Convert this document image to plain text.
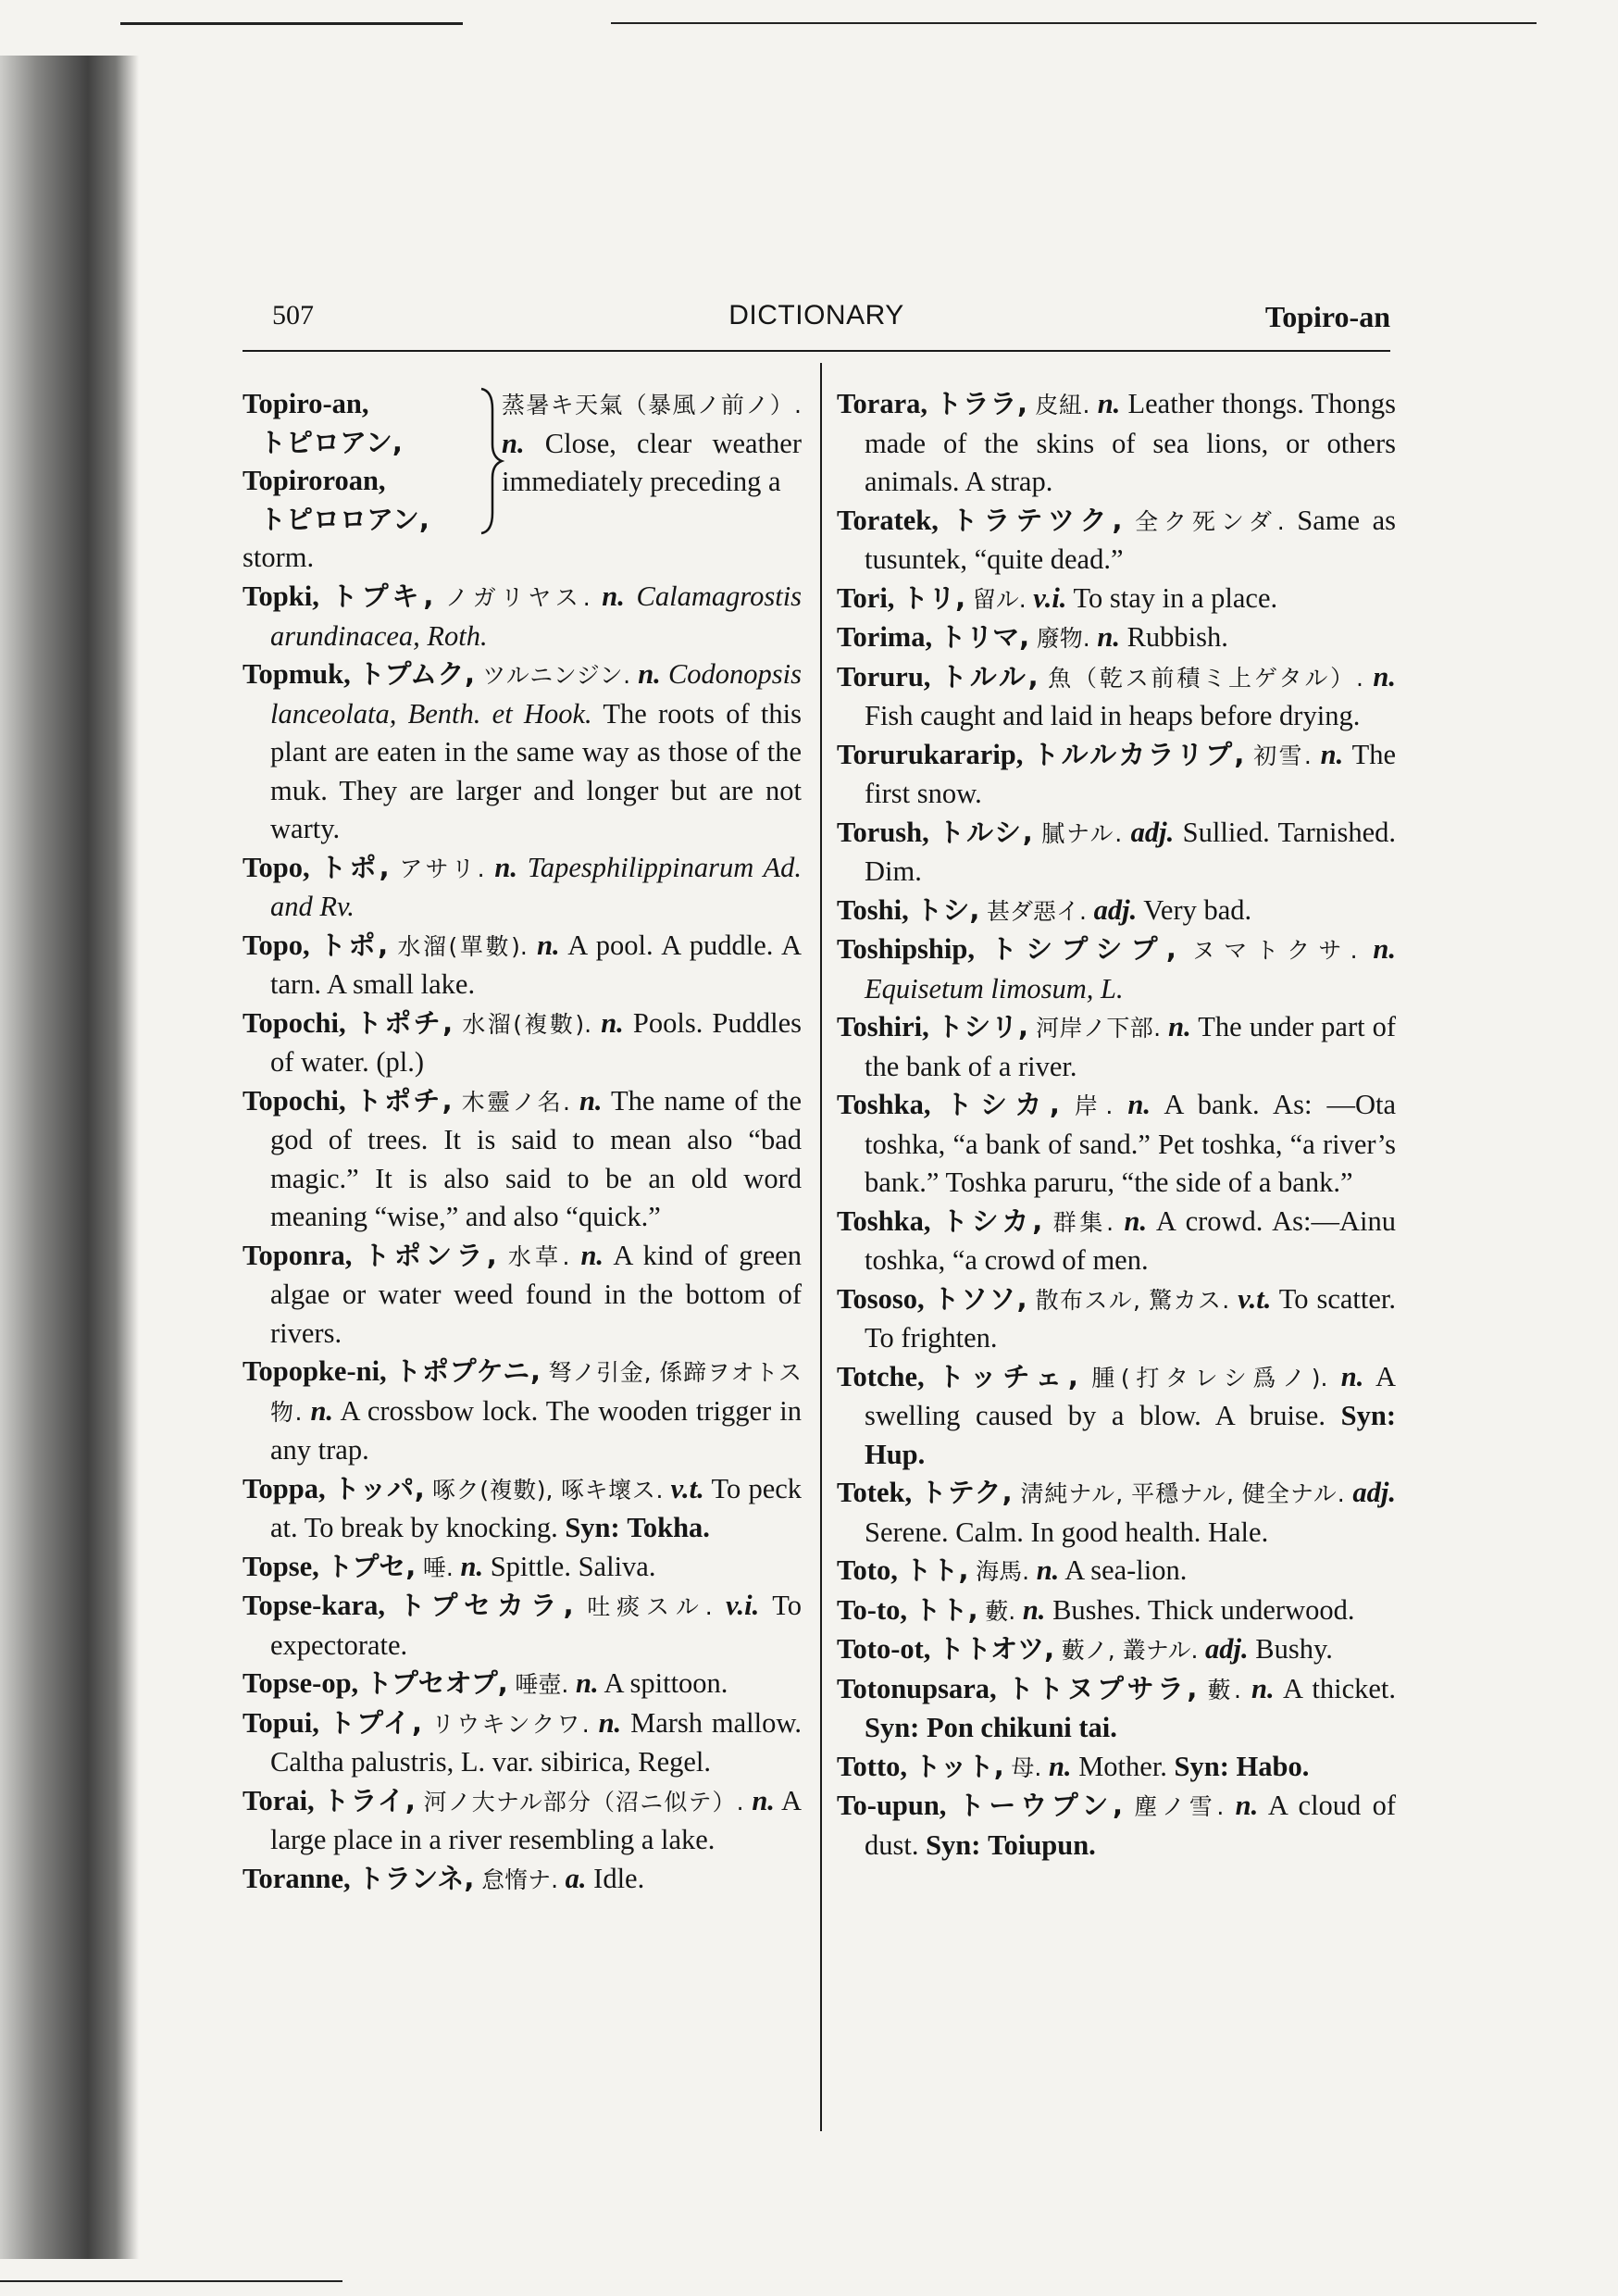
507	DICTIONARY	Topiro-an
Topiro-an,
トピロアン,
Topiroroan,
トピロロアン,
蒸暑キ天氣（暴風ノ前ノ）. n. Close, clear weather immediately preceding a
storm.
Topki, トプキ, ノガリヤス. n. Calamagrostis arundinacea, Roth.
Topmuk, トプムク, ツルニンジン. n. Codonopsis lanceolata, Benth. et Hook. The roots of this plant are eaten in the same way as those of the muk. They are larger and longer but are not warty.
Topo, トポ, アサリ. n. Tapesphilippinarum Ad. and Rv.
Topo, トポ, 水溜(單數). n. A pool. A puddle. A tarn. A small lake.
Topochi, トポチ, 水溜(複數). n. Pools. Puddles of water. (pl.)
Topochi, トポチ, 木靈ノ名. n. The name of the god of trees. It is said to mean also “bad magic.” It is also said to be an old word meaning “wise,” and also “quick.”
Toponra, トポンラ, 水草. n. A kind of green algae or water weed found in the bottom of rivers.
Topopke-ni, トポプケニ, 弩ノ引金, 係蹄ヲオトス物. n. A crossbow lock. The wooden trigger in any trap.
Toppa, トッパ, 啄ク(複數), 啄キ壞ス. v.t. To peck at. To break by knocking. Syn: Tokha.
Topse, トプセ, 唾. n. Spittle. Saliva.
Topse-kara, トプセカラ, 吐痰スル. v.i. To expectorate.
Topse-op, トプセオプ, 唾壺. n. A spittoon.
Topui, トプイ, リウキンクワ. n. Marsh mallow. Caltha palustris, L. var. sibirica, Regel.
Torai, トライ, 河ノ大ナル部分（沼ニ似テ）. n. A large place in a river resembling a lake.
Toranne, トランネ, 怠惰ナ. a. Idle.
Torara, トララ, 皮紐. n. Leather thongs. Thongs made of the skins of sea lions, or others animals. A strap.
Toratek, トラテツク, 全ク死ンダ. Same as tusuntek, “quite dead.”
Tori, トリ, 留ル. v.i. To stay in a place.
Torima, トリマ, 廢物. n. Rubbish.
Toruru, トルル, 魚（乾ス前積ミ上ゲタル）. n. Fish caught and laid in heaps before drying.
Torurukararip, トルルカラリプ, 初雪. n. The first snow.
Torush, トルシ, 膩ナル. adj. Sullied. Tarnished. Dim.
Toshi, トシ, 甚ダ惡イ. adj. Very bad.
Toshipship, トシプシプ, ヌマトクサ. n. Equisetum limosum, L.
Toshiri, トシリ, 河岸ノ下部. n. The under part of the bank of a river.
Toshka, トシカ, 岸. n. A bank. As: —Ota toshka, “a bank of sand.” Pet toshka, “a river’s bank.” Toshka paruru, “the side of a bank.”
Toshka, トシカ, 群集. n. A crowd. As:—Ainu toshka, “a crowd of men.
Tososo, トソソ, 散布スル, 驚カス. v.t. To scatter. To frighten.
Totche, トッチェ, 腫(打タレシ爲ノ). n. A swelling caused by a blow. A bruise. Syn: Hup.
Totek, トテク, 淸純ナル, 平穩ナル, 健全ナル. adj. Serene. Calm. In good health. Hale.
Toto, トト, 海馬. n. A sea-lion.
To-to, トト, 藪. n. Bushes. Thick underwood.
Toto-ot, トトオツ, 藪ノ, 叢ナル. adj. Bushy.
Totonupsara, トトヌプサラ, 藪. n. A thicket. Syn: Pon chikuni tai.
Totto, トット, 母. n. Mother. Syn: Habo.
To-upun, トーウプン, 塵ノ雪. n. A cloud of dust. Syn: Toiupun.
